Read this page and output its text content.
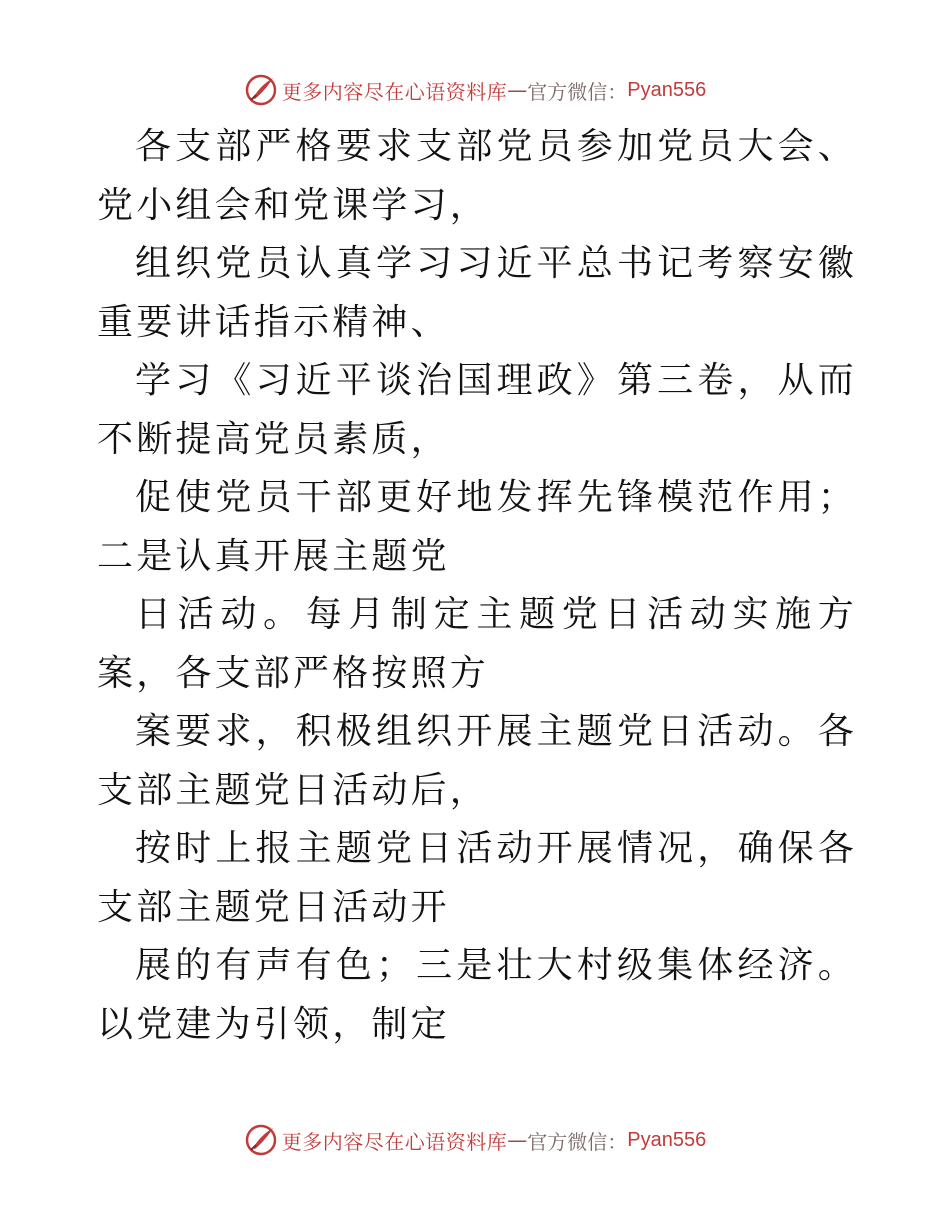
更多内容尽在心语资料库 — 官方微信： Pyan556

各支部严格要求支部党员参加党员大会、党小组会和党课学习，

组织党员认真学习习近平总书记考察安徽重要讲话指示精神、

学习《习近平谈治国理政》第三卷，从而不断提高党员素质，

促使党员干部更好地发挥先锋模范作用；二是认真开展主题党

日活动。每月制定主题党日活动实施方案，各支部严格按照方

案要求，积极组织开展主题党日活动。各支部主题党日活动后，

按时上报主题党日活动开展情况，确保各支部主题党日活动开

展的有声有色；三是壮大村级集体经济。以党建为引领，制定

更多内容尽在心语资料库 — 官方微信： Pyan556
